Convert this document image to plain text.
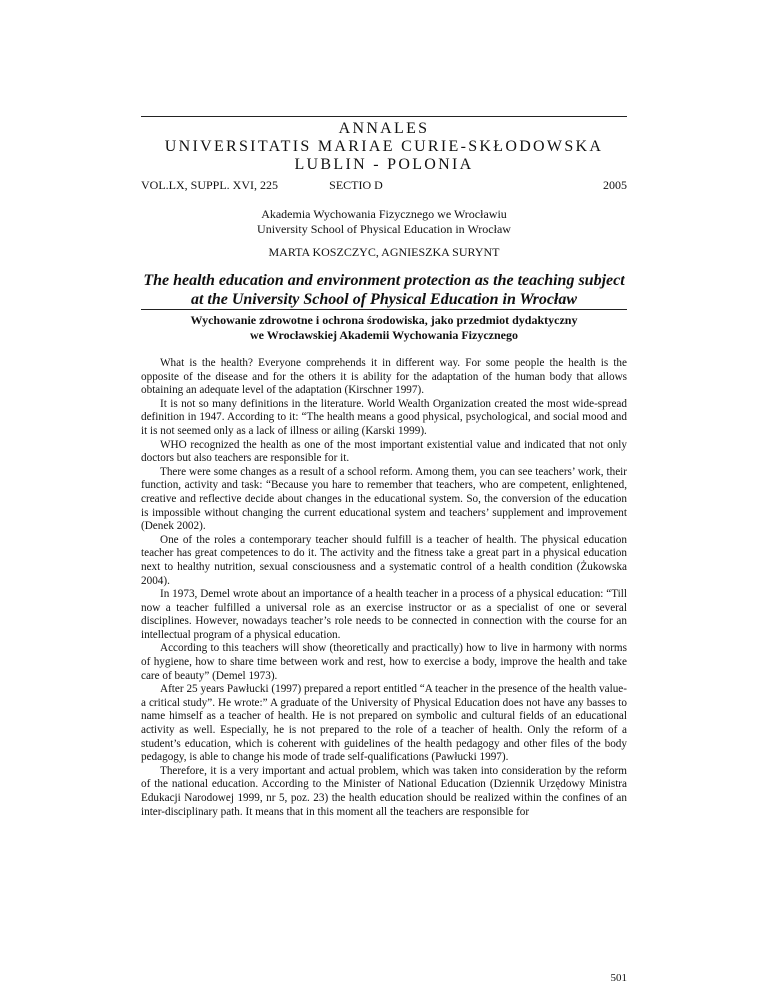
ANNALES
UNIVERSITATIS MARIAE CURIE-SKŁODOWSKA
LUBLIN - POLONIA
VOL.LX, SUPPL. XVI, 225	SECTIO D	2005
Akademia Wychowania Fizycznego we Wrocławiu
University School of Physical Education in Wrocław
MARTA KOSZCZYC, AGNIESZKA SURYNT
The health education and environment protection as the teaching subject
at the University School of Physical Education in Wrocław
Wychowanie zdrowotne i ochrona środowiska, jako przedmiot dydaktyczny
we Wrocławskiej Akademii Wychowania Fizycznego

What is the health? Everyone comprehends it in different way. For some people the health is the opposite of the disease and for the others it is ability for the adaptation of the human body that allows obtaining an adequate level of the adaptation (Kirschner 1997).

It is not so many definitions in the literature. World Wealth Organization created the most wide-spread definition in 1947. According to it: “The health means a good physical, psychological, and social mood and it is not seemed only as a lack of illness or ailing (Karski 1999).

WHO recognized the health as one of the most important existential value and indicated that not only doctors but also teachers are responsible for it.

There were some changes as a result of a school reform. Among them, you can see teachers’ work, their function, activity and task: “Because you hare to remember that teachers, who are competent, enlightened, creative and reflective decide about changes in the educational system. So, the conversion of the education is impossible without changing the current educational system and teachers’ supplement and improvement (Denek 2002).

One of the roles a contemporary teacher should fulfill is a teacher of health. The physical education teacher has great competences to do it. The activity and the fitness take a great part in a physical education next to healthy nutrition, sexual consciousness and a systematic control of a health condition (Żukowska 2004).

In 1973, Demel wrote about an importance of a health teacher in a process of a physical education: “Till now a teacher fulfilled a universal role as an exercise instructor or as a specialist of one or several disciplines. However, nowadays teacher’s role needs to be connected in connection with the course for an intellectual program of a physical education.

According to this teachers will show (theoretically and practically) how to live in harmony with norms of hygiene, how to share time between work and rest, how to exercise a body, improve the health and take care of beauty” (Demel 1973).

After 25 years Pawłucki (1997) prepared a report entitled “A teacher in the presence of the health value-a critical study”. He wrote:” A graduate of the University of Physical Education does not have any basses to name himself as a teacher of health. He is not prepared on symbolic and cultural fields of an educational activity as well. Especially, he is not prepared to the role of a teacher of health. Only the reform of a student’s education, which is coherent with guidelines of the health pedagogy and other files of the body pedagogy, is able to change his mode of trade self-qualifications (Pawłucki 1997).

Therefore, it is a very important and actual problem, which was taken into consideration by the reform of the national education. According to the Minister of National Education (Dziennik Urzędowy Ministra Edukacji Narodowej 1999, nr 5, poz. 23) the health education should be realized within the confines of an inter-disciplinary path. It means that in this moment all the teachers are responsible for

501
